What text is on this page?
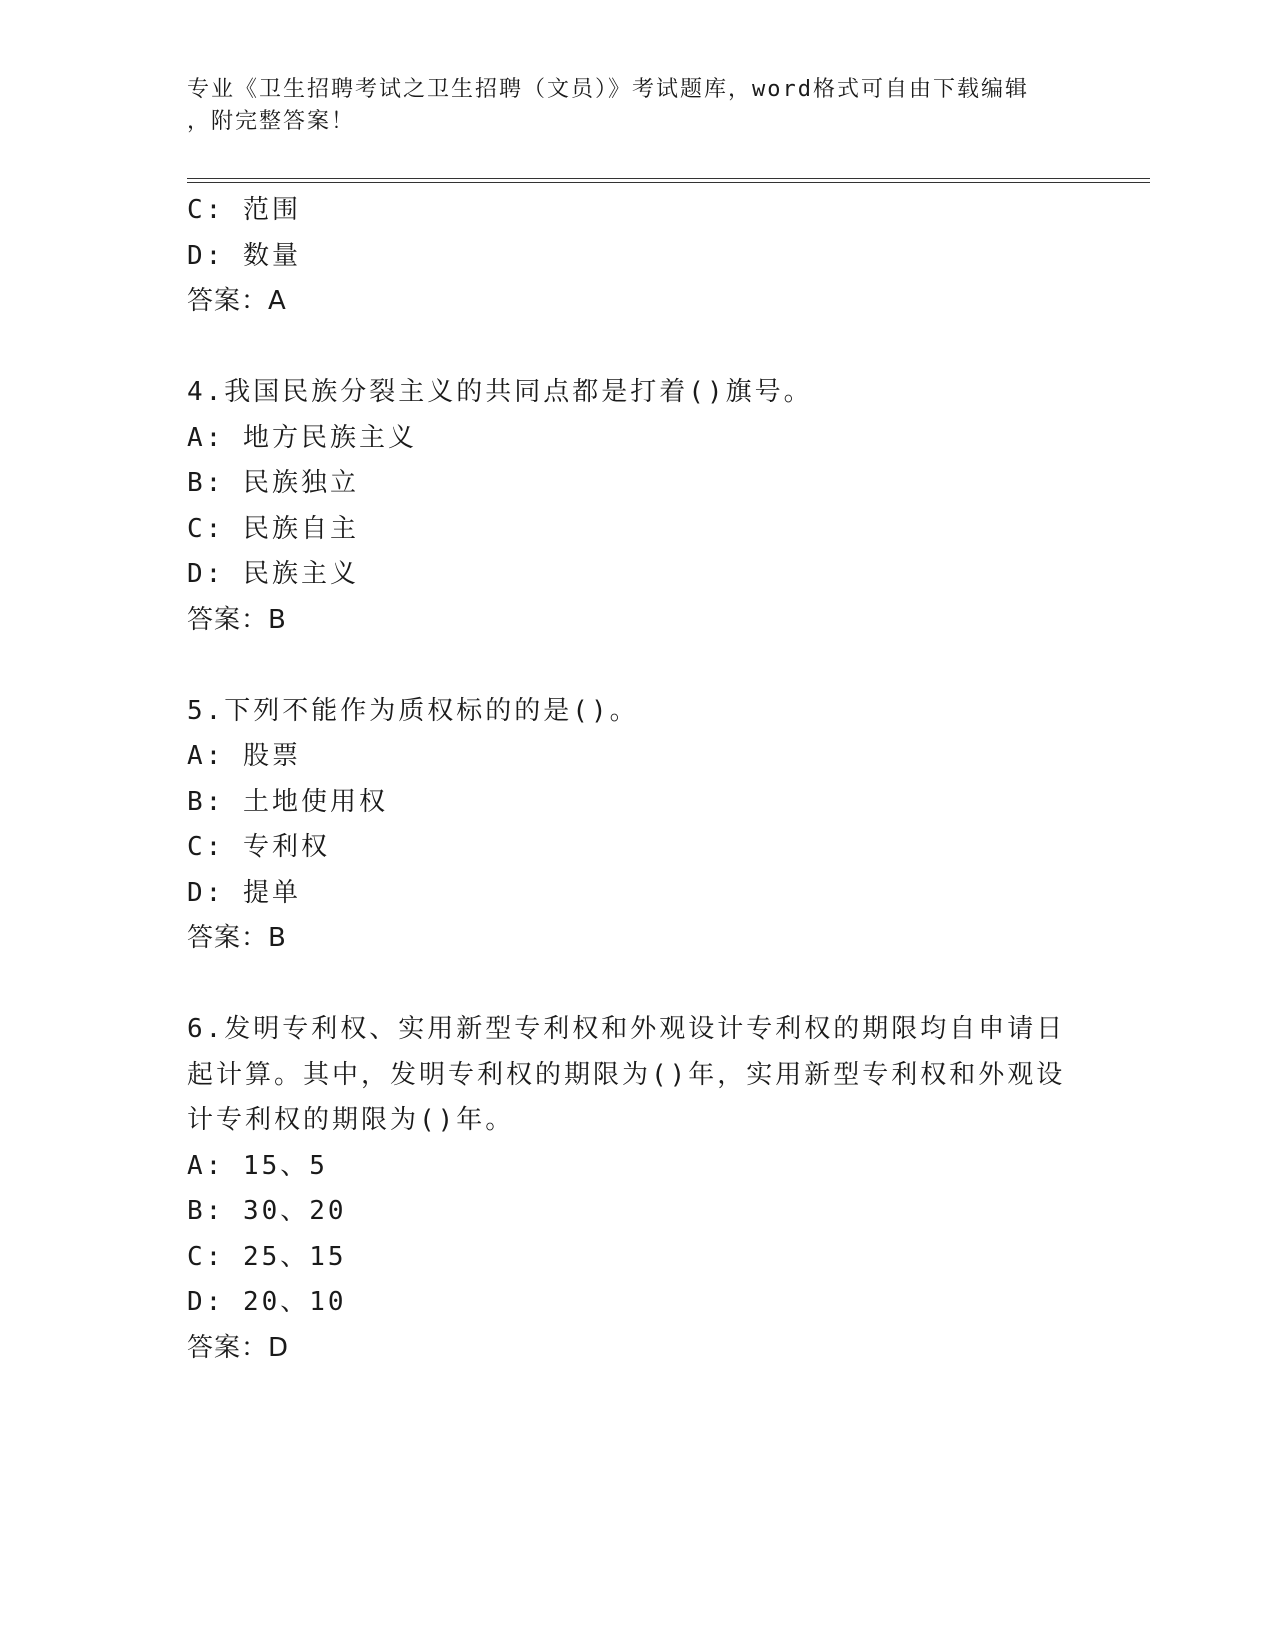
专业《卫生招聘考试之卫生招聘（文员）》考试题库，word格式可自由下载编辑
，附完整答案！
C: 范围
D: 数量
答案：A
4.我国民族分裂主义的共同点都是打着()旗号。
A: 地方民族主义
B: 民族独立
C: 民族自主
D: 民族主义
答案：B
5.下列不能作为质权标的的是()。
A: 股票
B: 土地使用权
C: 专利权
D: 提单
答案：B
6.发明专利权、实用新型专利权和外观设计专利权的期限均自申请日
起计算。其中，发明专利权的期限为()年，实用新型专利权和外观设
计专利权的期限为()年。
A: 15、5
B: 30、20
C: 25、15
D: 20、10
答案：D
